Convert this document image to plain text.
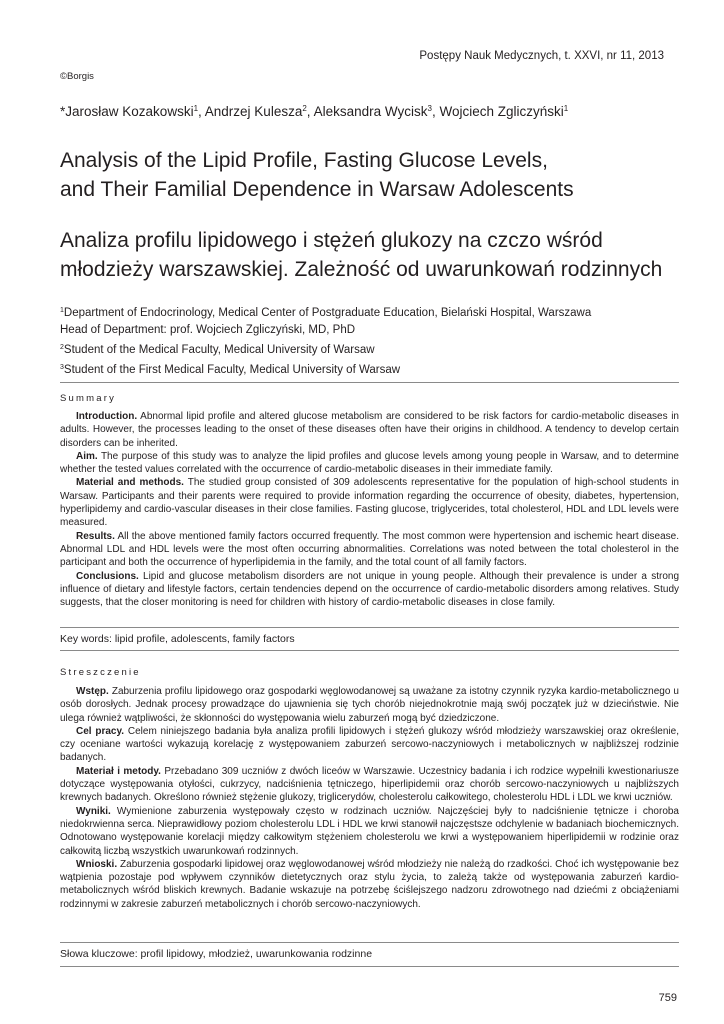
Postępy Nauk Medycznych, t. XXVI, nr 11, 2013
©Borgis
*Jarosław Kozakowski$^1$, Andrzej Kulesza$^2$, Aleksandra Wycisk$^3$, Wojciech Zgliczyński$^1$
Analysis of the Lipid Profile, Fasting Glucose Levels,
and Their Familial Dependence in Warsaw Adolescents
Analiza profilu lipidowego i stężeń glukozy na czczo wśród
młodzieży warszawskiej. Zależność od uwarunkowań rodzinnych
$^1$Department of Endocrinology, Medical Center of Postgraduate Education, Bielański Hospital, Warszawa
Head of Department: prof. Wojciech Zgliczyński, MD, PhD
$^2$Student of the Medical Faculty, Medical University of Warsaw
$^3$Student of the First Medical Faculty, Medical University of Warsaw
Summary

Introduction. Abnormal lipid profile and altered glucose metabolism are considered to be risk factors for cardio-metabolic diseases in adults. However, the processes leading to the onset of these diseases often have their origins in childhood. A tendency to develop certain disorders can be inherited.

Aim. The purpose of this study was to analyze the lipid profiles and glucose levels among young people in Warsaw, and to determine whether the tested values correlated with the occurrence of cardio-metabolic diseases in their immediate family.

Material and methods. The studied group consisted of 309 adolescents representative for the population of high-school students in Warsaw. Participants and their parents were required to provide information regarding the occurrence of obesity, diabetes, hypertension, hyperlipidemy and cardio-vascular diseases in their close families. Fasting glucose, triglycerides, total cholesterol, HDL and LDL levels were measured.

Results. All the above mentioned family factors occurred frequently. The most common were hypertension and ischemic heart disease. Abnormal LDL and HDL levels were the most often occurring abnormalities. Correlations was noted between the total cholesterol in the participant and both the occurrence of hyperlipidemia in the family, and the total count of all family factors.

Conclusions. Lipid and glucose metabolism disorders are not unique in young people. Although their prevalence is under a strong influence of dietary and lifestyle factors, certain tendencies depend on the occurrence of cardio-metabolic disorders among relatives. Study suggests, that the closer monitoring is need for children with history of cardio-metabolic diseases in close family.

Key words: lipid profile, adolescents, family factors
Streszczenie

Wstęp. Zaburzenia profilu lipidowego oraz gospodarki węglowodanowej są uważane za istotny czynnik ryzyka kardio-metabolicznego u osób dorosłych. Jednak procesy prowadzące do ujawnienia się tych chorób niejednokrotnie mają swój początek już w dzieciństwie. Nie ulega również wątpliwości, że skłonności do występowania wielu zaburzeń mogą być dziedziczone.

Cel pracy. Celem niniejszego badania była analiza profili lipidowych i stężeń glukozy wśród młodzieży warszawskiej oraz określenie, czy oceniane wartości wykazują korelację z występowaniem zaburzeń sercowo-naczyniowych i metabolicznych w najbliższej rodzinie badanych.

Materiał i metody. Przebadano 309 uczniów z dwóch liceów w Warszawie. Uczestnicy badania i ich rodzice wypełnili kwestionariusze dotyczące występowania otyłości, cukrzycy, nadciśnienia tętniczego, hiperlipidemii oraz chorób sercowo-naczyniowych u najbliższych krewnych badanych. Określono również stężenie glukozy, triglicerydów, cholesterolu całkowitego, cholesterolu HDL i LDL we krwi uczniów.

Wyniki. Wymienione zaburzenia występowały często w rodzinach uczniów. Najczęściej były to nadciśnienie tętnicze i choroba niedokrwienna serca. Nieprawidłowy poziom cholesterolu LDL i HDL we krwi stanowił najczęstsze odchylenie w badaniach biochemicznych. Odnotowano występowanie korelacji między całkowitym stężeniem cholesterolu we krwi a występowaniem hiperlipidemii w rodzinie oraz całkowitą liczbą wszystkich uwarunkowań rodzinnych.

Wnioski. Zaburzenia gospodarki lipidowej oraz węglowodanowej wśród młodzieży nie należą do rzadkości. Choć ich występowanie bez wątpienia pozostaje pod wpływem czynników dietetycznych oraz stylu życia, to zależą także od występowania zaburzeń kardio-metabolicznych wśród bliskich krewnych. Badanie wskazuje na potrzebę ściślejszego nadzoru zdrowotnego nad dziećmi z obciążeniami rodzinnymi w zakresie zaburzeń metabolicznych i chorób sercowo-naczyniowych.

Słowa kluczowe: profil lipidowy, młodzież, uwarunkowania rodzinne
759
